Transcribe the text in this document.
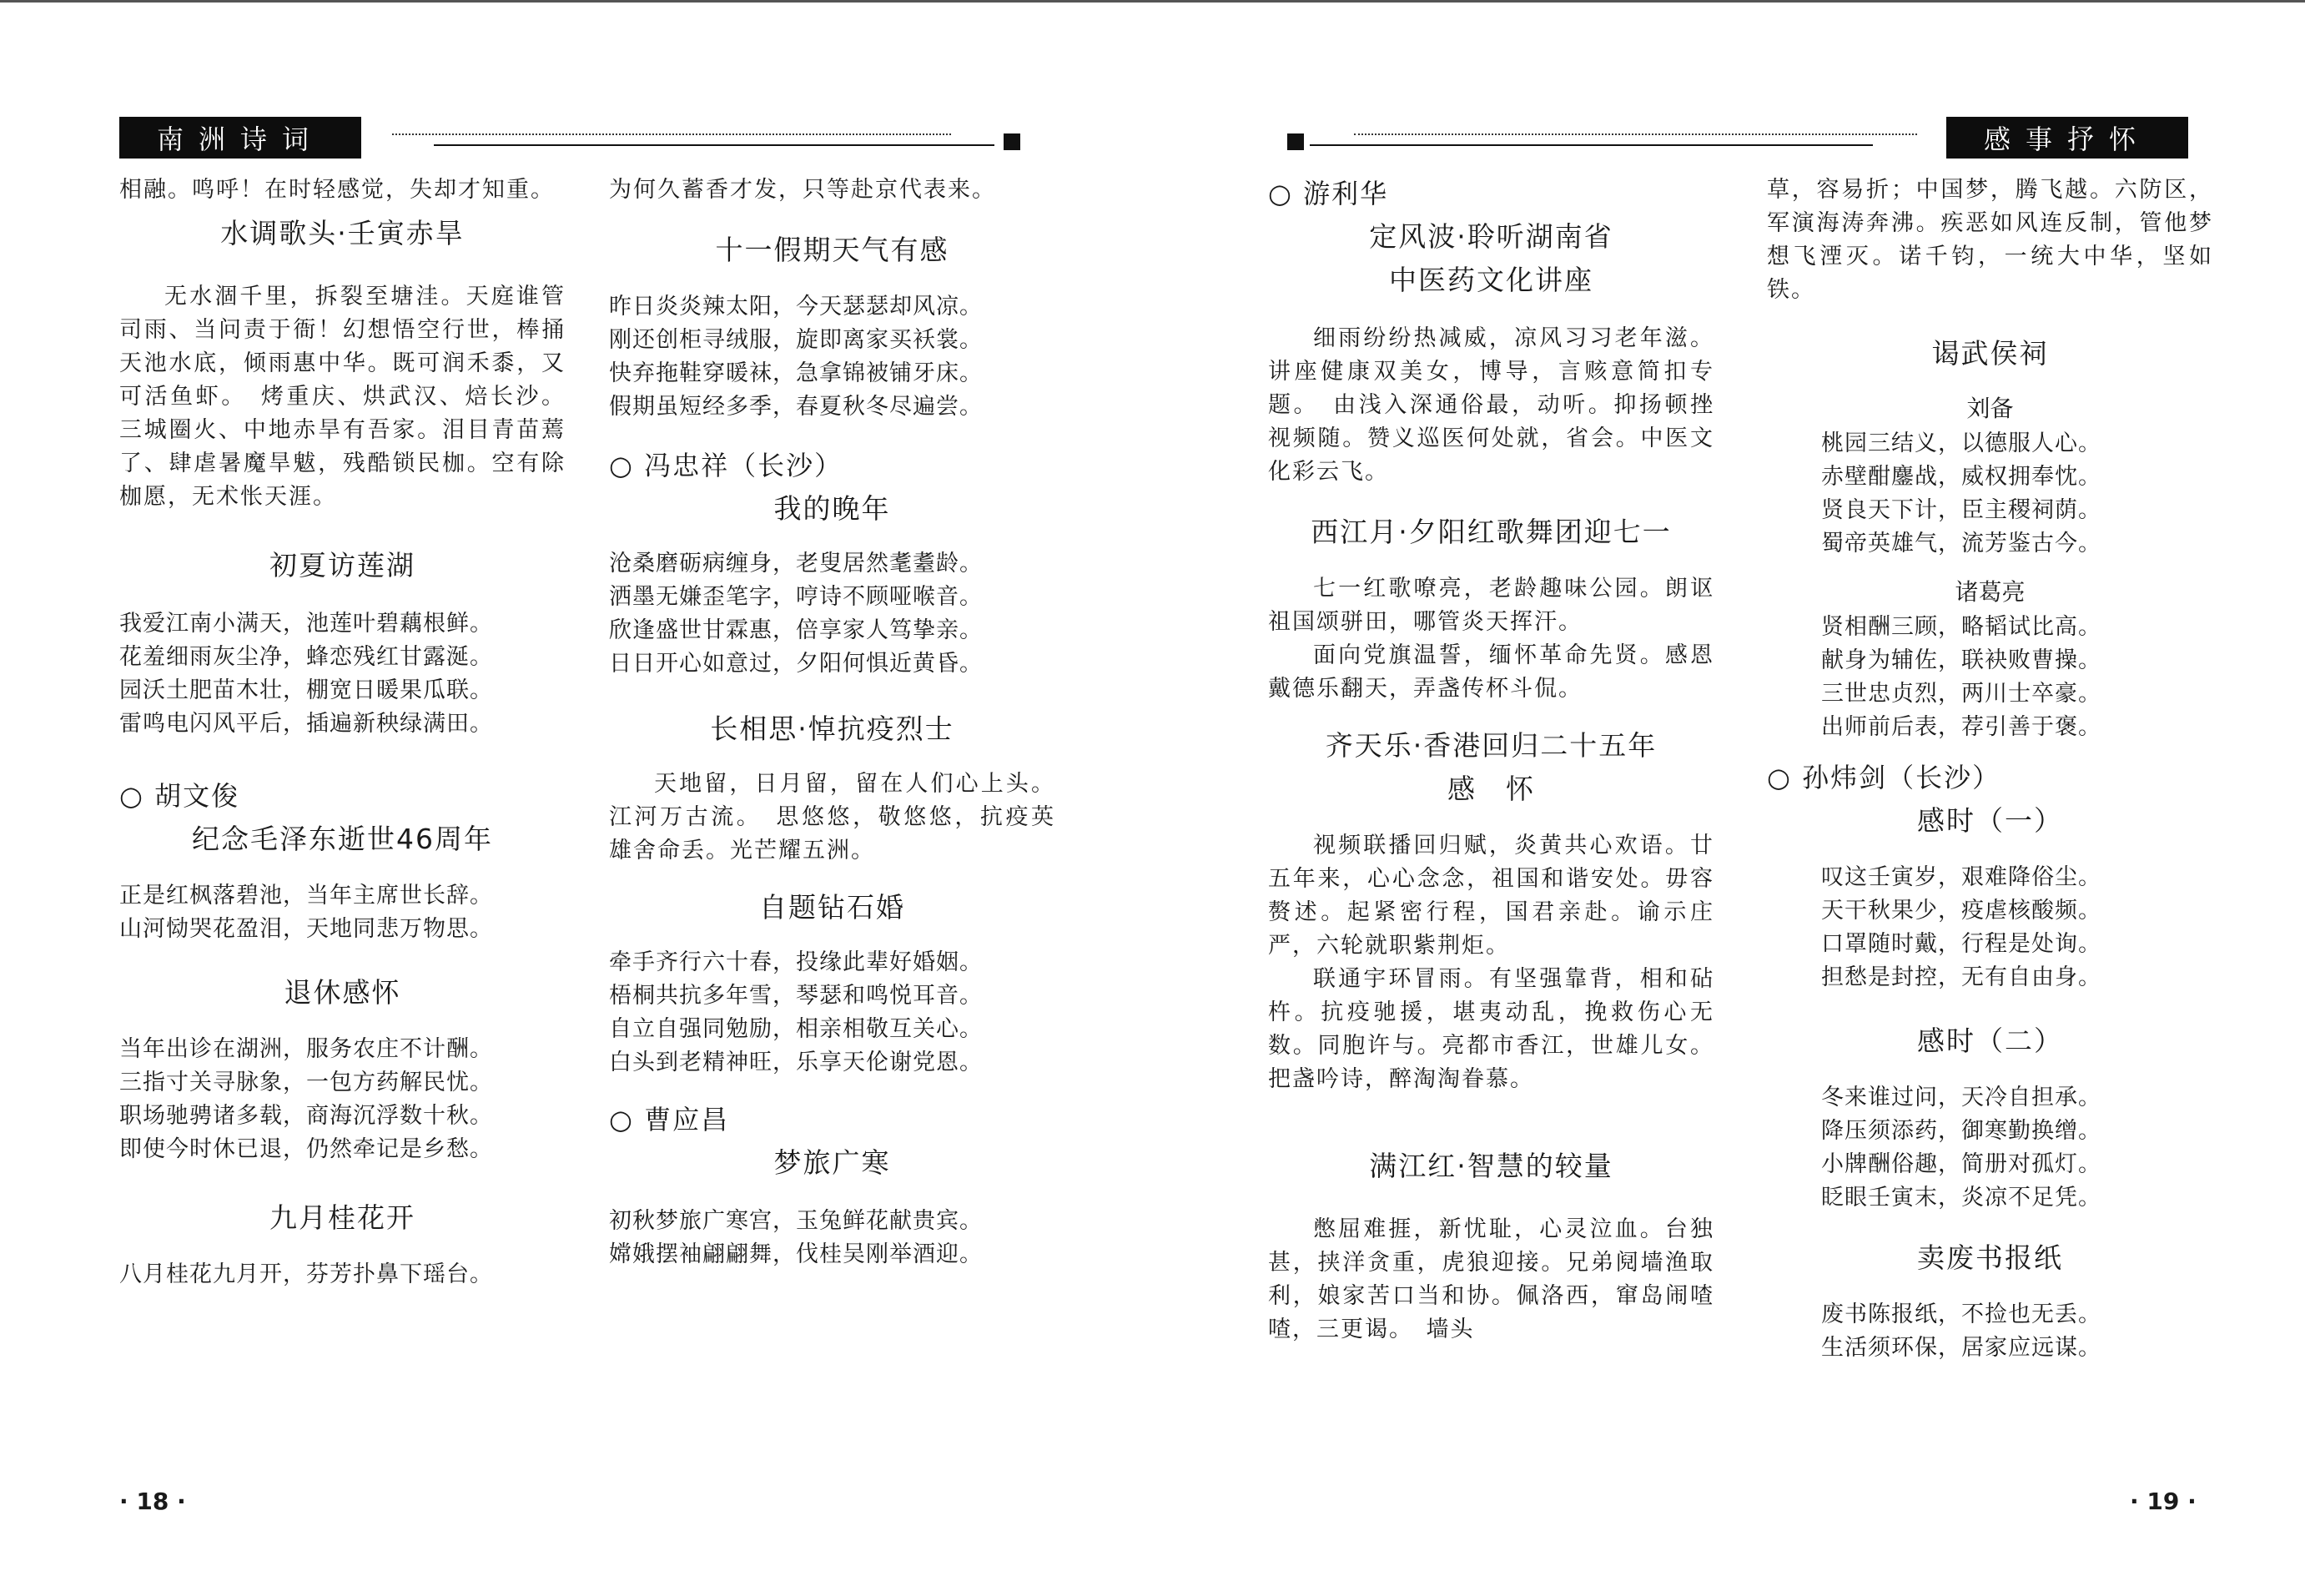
南洲诗词	感事抒怀

相融。鸣呼！在时轻感觉，失却才知重。

水调歌头·壬寅赤旱

无水涸千里，拆裂至塘洼。天庭谁管司雨、当问责于衙！幻想悟空行世，棒捅天池水底，倾雨惠中华。既可润禾黍，又可活鱼虾。　烤重庆、烘武汉、焙长沙。三城圈火、中地赤旱有吾家。泪目青苗蔫了、肆虐暑魔旱魃，残酷锁民枷。空有除枷愿，无术怅天涯。

初夏访莲湖

我爱江南小满天，池莲叶碧藕根鲜。

花羞细雨灰尘净，蜂恋残红甘露涎。

园沃土肥苗木壮，棚宽日暖果瓜联。

雷鸣电闪风平后，插遍新秧绿满田。

○ 胡文俊

纪念毛泽东逝世46周年

正是红枫落碧池，当年主席世长辞。

山河恸哭花盈泪，天地同悲万物思。

退休感怀

当年出诊在湖洲，服务农庄不计酬。

三指寸关寻脉象，一包方药解民忧。

职场驰骋诸多载，商海沉浮数十秋。

即使今时休已退，仍然牵记是乡愁。

九月桂花开

八月桂花九月开，芬芳扑鼻下瑶台。

为何久蓄香才发，只等赴京代表来。

十一假期天气有感

昨日炎炎辣太阳，今天瑟瑟却风凉。

刚还创柜寻绒服，旋即离家买袄裳。

快弃拖鞋穿暖袜，急拿锦被铺牙床。

假期虽短经多季，春夏秋冬尽遍尝。

○ 冯忠祥（长沙）

我的晚年

沧桑磨砺病缠身，老叟居然耄耋龄。

洒墨无嫌歪笔字，哼诗不顾哑喉音。

欣逢盛世甘霖惠，倍享家人笃挚亲。

日日开心如意过，夕阳何惧近黄昏。

长相思·悼抗疫烈士

天地留，日月留，留在人们心上头。江河万古流。　思悠悠，敬悠悠，抗疫英雄舍命丢。光芒耀五洲。

自题钻石婚

牵手齐行六十春，投缘此辈好婚姻。

梧桐共抗多年雪，琴瑟和鸣悦耳音。

自立自强同勉励，相亲相敬互关心。

白头到老精神旺，乐享天伦谢党恩。

○ 曹应昌

梦旅广寒

初秋梦旅广寒宫，玉兔鲜花献贵宾。

嫦娥摆袖翩翩舞，伐桂吴刚举酒迎。

○ 游利华

定风波·聆听湖南省

中医药文化讲座

细雨纷纷热减威，凉风习习老年滋。讲座健康双美女，博导，言赅意简扣专题。　由浅入深通俗最，动听。抑扬顿挫视频随。赞义巡医何处就，省会。中医文化彩云飞。

西江月·夕阳红歌舞团迎七一

七一红歌嘹亮，老龄趣味公园。朗讴祖国颂骈田，哪管炎天挥汗。

面向党旗温誓，缅怀革命先贤。感恩戴德乐翻天，弄盏传杯斗侃。

齐天乐·香港回归二十五年

感　怀

视频联播回归赋，炎黄共心欢语。廿五年来，心心念念，祖国和谐安处。毋容赘述。起紧密行程，国君亲赴。谕示庄严，六轮就职紫荆炬。

联通宇环冒雨。有坚强靠背，相和砧杵。抗疫驰援，堪夷动乱，挽救伤心无数。同胞许与。亮都市香江，世雄儿女。把盏吟诗，醉淘淘眷慕。

满江红·智慧的较量

憋屈难捱，新忧耻，心灵泣血。台独甚，挟洋贪重，虎狼迎接。兄弟阋墙渔取利，娘家苦口当和协。佩洛西，窜岛闹喳喳，三更谒。　墙头

草，容易折；中国梦，腾飞越。六防区，军演海涛奔沸。疾恶如风连反制，管他梦想飞湮灭。诺千钧，一统大中华，坚如铁。

谒武侯祠

刘备

桃园三结义，以德服人心。

赤壁酣鏖战，威权拥奉忱。

贤良天下计，臣主稷祠荫。

蜀帝英雄气，流芳鉴古今。

诸葛亮

贤相酬三顾，略韬试比高。

献身为辅佐，联袂败曹操。

三世忠贞烈，两川士卒豪。

出师前后表，荐引善于褒。

○ 孙炜剑（长沙）

感时（一）

叹这壬寅岁，艰难降俗尘。

天干秋果少，疫虐核酸频。

口罩随时戴，行程是处询。

担愁是封控，无有自由身。

感时（二）

冬来谁过问，天冷自担承。

降压须添药，御寒勤换缯。

小牌酬俗趣，简册对孤灯。

眨眼壬寅末，炎凉不足凭。

卖废书报纸

废书陈报纸，不捡也无丢。

生活须环保，居家应远谋。

· 18 ·	· 19 ·
